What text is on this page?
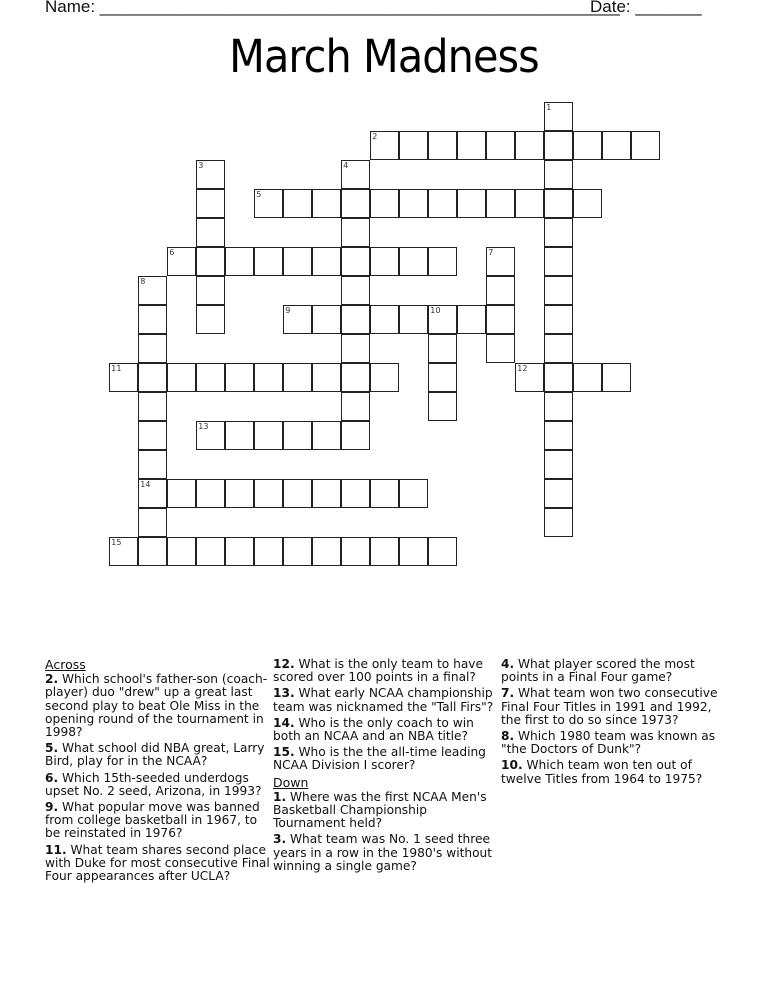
Name: _______________________________________________________
Date: _______
March Madness
1
2
3	4
5
6	7
8
14
9	10
11	12
13
15
Across
2. Which school's father-son (coach-player) duo "drew" up a great last second play to beat Ole Miss in the opening round of the tournament in 1998?
5. What school did NBA great, Larry Bird, play for in the NCAA?
6. Which 15th-seeded underdogs upset No. 2 seed, Arizona, in 1993?
9. What popular move was banned from college basketball in 1967, to be reinstated in 1976?
11. What team shares second place with Duke for most consecutive Final Four appearances after UCLA?
12. What is the only team to have scored over 100 points in a final?
13. What early NCAA championship team was nicknamed the "Tall Firs"?
14. Who is the only coach to win both an NCAA and an NBA title?
15. Who is the the all-time leading NCAA Division I scorer?
Down
1. Where was the first NCAA Men's Basketball Championship Tournament held?
3. What team was No. 1 seed three years in a row in the 1980's without winning a single game?
4. What player scored the most points in a Final Four game?
7. What team won two consecutive Final Four Titles in 1991 and 1992, the first to do so since 1973?
8. Which 1980 team was known as "the Doctors of Dunk"?
10. Which team won ten out of twelve Titles from 1964 to 1975?
